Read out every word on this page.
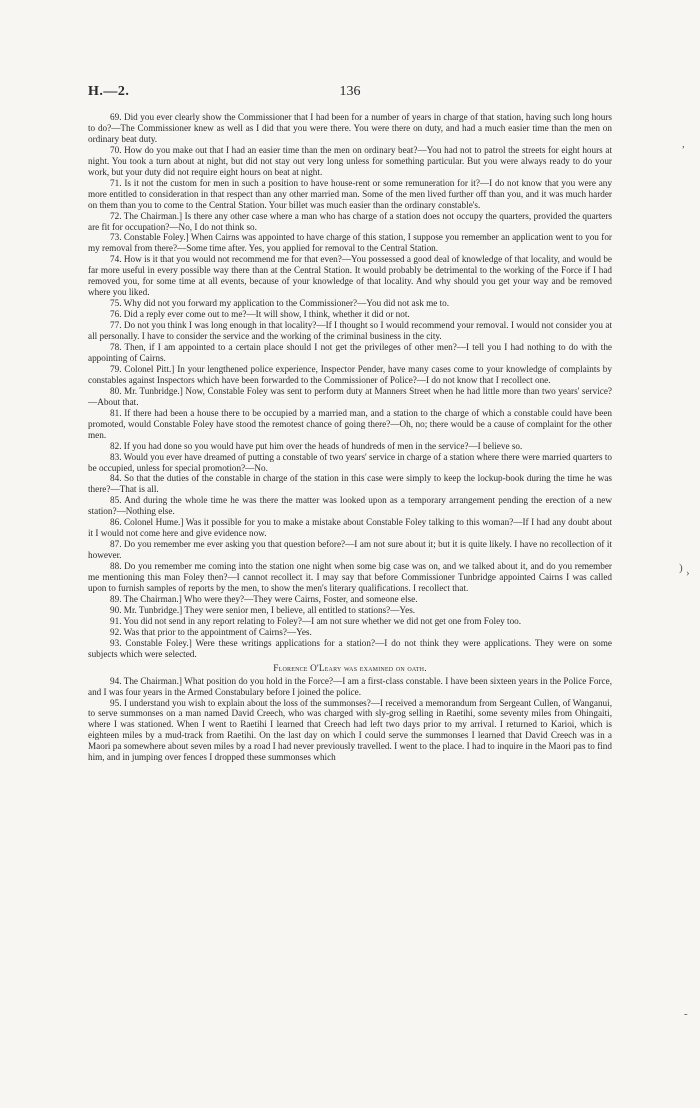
H.—2.	136

69. Did you ever clearly show the Commissioner that I had been for a number of years in charge of that station, having such long hours to do?—The Commissioner knew as well as I did that you were there. You were there on duty, and had a much easier time than the men on ordinary beat duty.

70. How do you make out that I had an easier time than the men on ordinary beat?—You had not to patrol the streets for eight hours at night. You took a turn about at night, but did not stay out very long unless for something particular. But you were always ready to do your work, but your duty did not require eight hours on beat at night.

71. Is it not the custom for men in such a position to have house-rent or some remuneration for it?—I do not know that you were any more entitled to consideration in that respect than any other married man. Some of the men lived further off than you, and it was much harder on them than you to come to the Central Station. Your billet was much easier than the ordinary constable's.

72. The Chairman.] Is there any other case where a man who has charge of a station does not occupy the quarters, provided the quarters are fit for occupation?—No, I do not think so.

73. Constable Foley.] When Cairns was appointed to have charge of this station, I suppose you remember an application went to you for my removal from there?—Some time after. Yes, you applied for removal to the Central Station.

74. How is it that you would not recommend me for that even?—You possessed a good deal of knowledge of that locality, and would be far more useful in every possible way there than at the Central Station. It would probably be detrimental to the working of the Force if I had removed you, for some time at all events, because of your knowledge of that locality. And why should you get your way and be removed where you liked.

75. Why did not you forward my application to the Commissioner?—You did not ask me to.

76. Did a reply ever come out to me?—It will show, I think, whether it did or not.

77. Do not you think I was long enough in that locality?—If I thought so I would recommend your removal. I would not consider you at all personally. I have to consider the service and the working of the criminal business in the city.

78. Then, if I am appointed to a certain place should I not get the privileges of other men?—I tell you I had nothing to do with the appointing of Cairns.

79. Colonel Pitt.] In your lengthened police experience, Inspector Pender, have many cases come to your knowledge of complaints by constables against Inspectors which have been forwarded to the Commissioner of Police?—I do not know that I recollect one.

80. Mr. Tunbridge.] Now, Constable Foley was sent to perform duty at Manners Street when he had little more than two years' service?—About that.

81. If there had been a house there to be occupied by a married man, and a station to the charge of which a constable could have been promoted, would Constable Foley have stood the remotest chance of going there?—Oh, no; there would be a cause of complaint for the other men.

82. If you had done so you would have put him over the heads of hundreds of men in the service?—I believe so.

83. Would you ever have dreamed of putting a constable of two years' service in charge of a station where there were married quarters to be occupied, unless for special promotion?—No.

84. So that the duties of the constable in charge of the station in this case were simply to keep the lockup-book during the time he was there?—That is all.

85. And during the whole time he was there the matter was looked upon as a temporary arrangement pending the erection of a new station?—Nothing else.

86. Colonel Hume.] Was it possible for you to make a mistake about Constable Foley talking to this woman?—If I had any doubt about it I would not come here and give evidence now.

87. Do you remember me ever asking you that question before?—I am not sure about it; but it is quite likely. I have no recollection of it however.

88. Do you remember me coming into the station one night when some big case was on, and we talked about it, and do you remember me mentioning this man Foley then?—I cannot recollect it. I may say that before Commissioner Tunbridge appointed Cairns I was called upon to furnish samples of reports by the men, to show the men's literary qualifications. I recollect that.

89. The Chairman.] Who were they?—They were Cairns, Foster, and someone else.

90. Mr. Tunbridge.] They were senior men, I believe, all entitled to stations?—Yes.

91. You did not send in any report relating to Foley?—I am not sure whether we did not get one from Foley too.

92. Was that prior to the appointment of Cairns?—Yes.

93. Constable Foley.] Were these writings applications for a station?—I do not think they were applications. They were on some subjects which were selected.

Florence O'Leary was examined on oath.

94. The Chairman.] What position do you hold in the Force?—I am a first-class constable. I have been sixteen years in the Police Force, and I was four years in the Armed Constabulary before I joined the police.

95. I understand you wish to explain about the loss of the summonses?—I received a memorandum from Sergeant Cullen, of Wanganui, to serve summonses on a man named David Creech, who was charged with sly-grog selling in Raetihi, some seventy miles from Ohingaiti, where I was stationed. When I went to Raetihi I learned that Creech had left two days prior to my arrival. I returned to Karioi, which is eighteen miles by a mud-track from Raetihi. On the last day on which I could serve the summonses I learned that David Creech was in a Maori pa somewhere about seven miles by a road I had never previously travelled. I went to the place. I had to inquire in the Maori pas to find him, and in jumping over fences I dropped these summonses which

,
) ›
-
